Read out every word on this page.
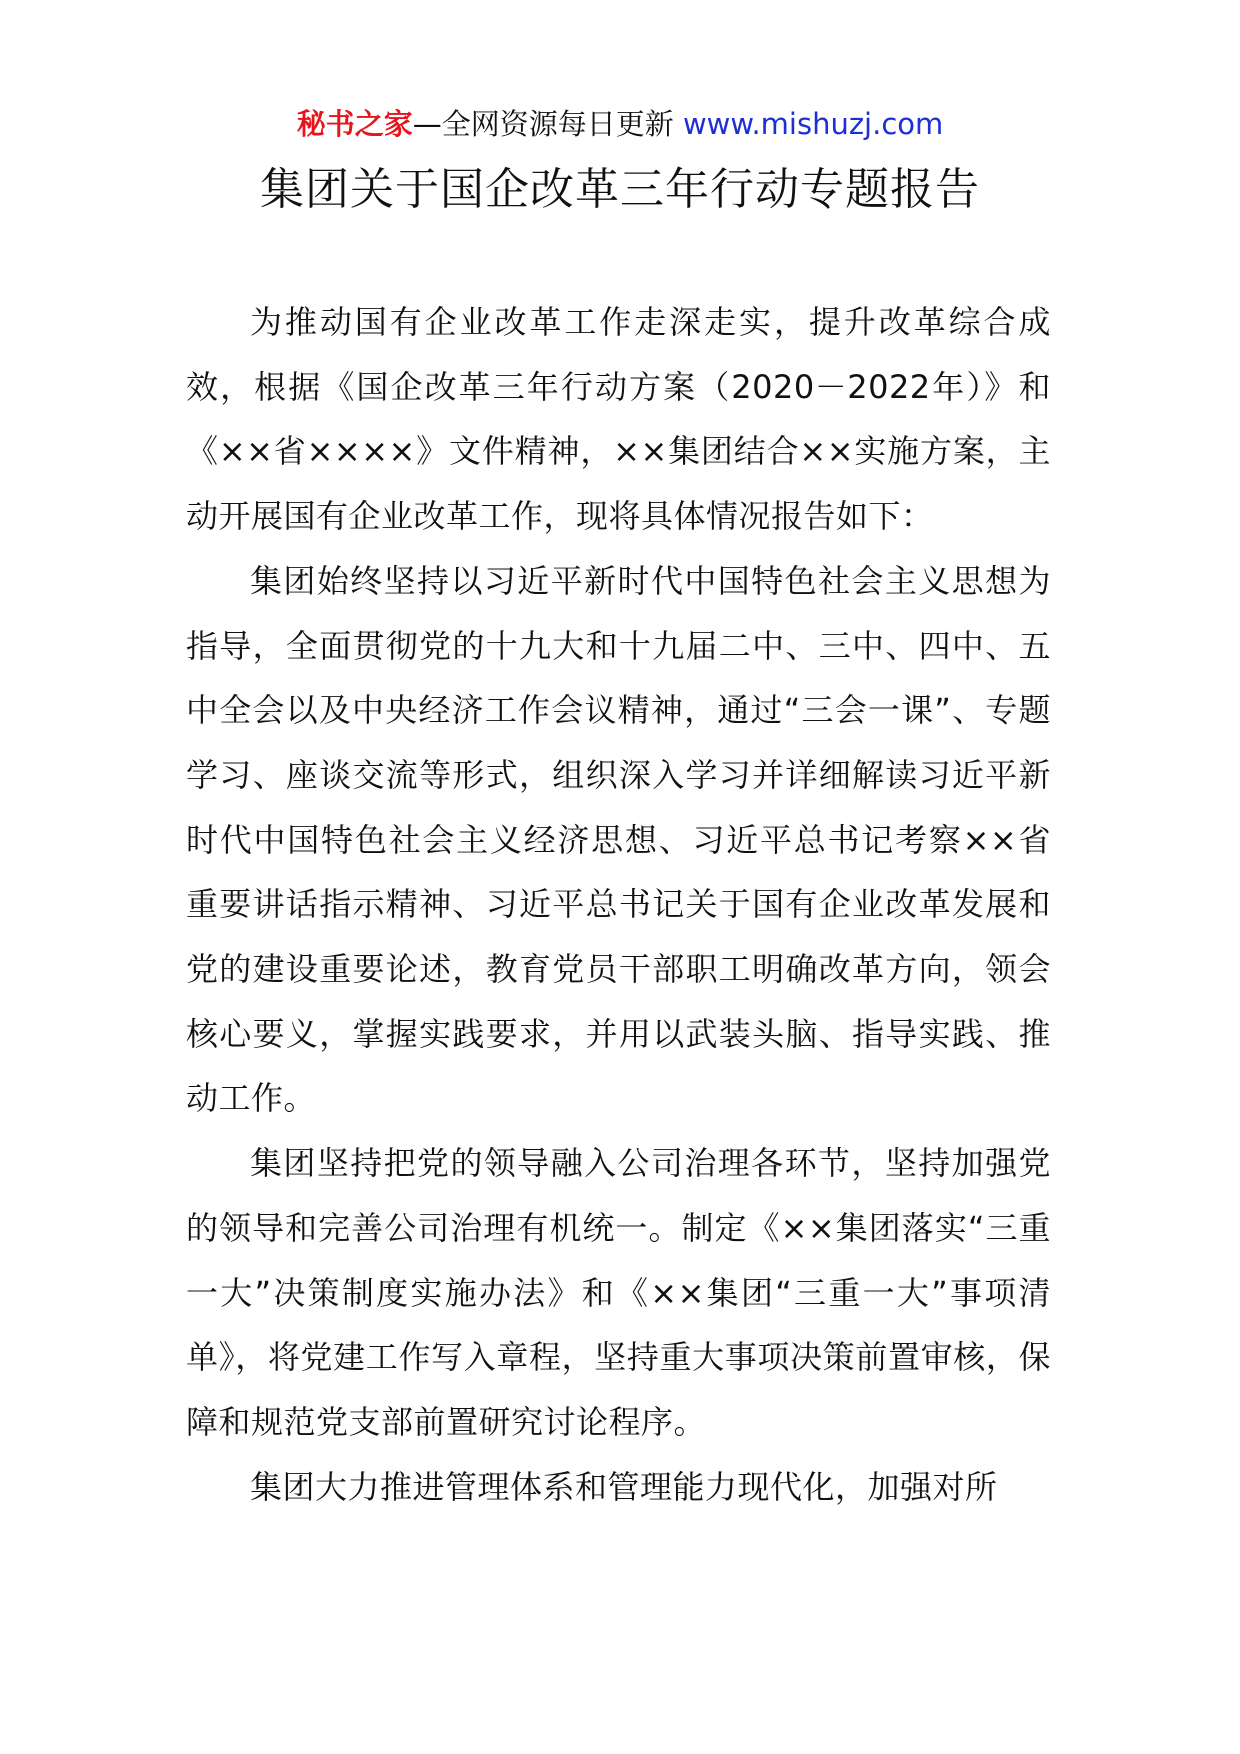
秘书之家—全网资源每日更新 www.mishuzj.com
集团关于国企改革三年行动专题报告

为推动国有企业改革工作走深走实，提升改革综合成效，根据《国企改革三年行动方案（2020－2022年）》和《××省××××》文件精神，××集团结合××实施方案，主动开展国有企业改革工作，现将具体情况报告如下：

集团始终坚持以习近平新时代中国特色社会主义思想为指导，全面贯彻党的十九大和十九届二中、三中、四中、五中全会以及中央经济工作会议精神，通过“三会一课”、专题学习、座谈交流等形式，组织深入学习并详细解读习近平新时代中国特色社会主义经济思想、习近平总书记考察××省重要讲话指示精神、习近平总书记关于国有企业改革发展和党的建设重要论述，教育党员干部职工明确改革方向，领会核心要义，掌握实践要求，并用以武装头脑、指导实践、推动工作。

集团坚持把党的领导融入公司治理各环节，坚持加强党的领导和完善公司治理有机统一。制定《××集团落实“三重一大”决策制度实施办法》和《××集团“三重一大”事项清单》，将党建工作写入章程，坚持重大事项决策前置审核，保障和规范党支部前置研究讨论程序。

集团大力推进管理体系和管理能力现代化，加强对所
